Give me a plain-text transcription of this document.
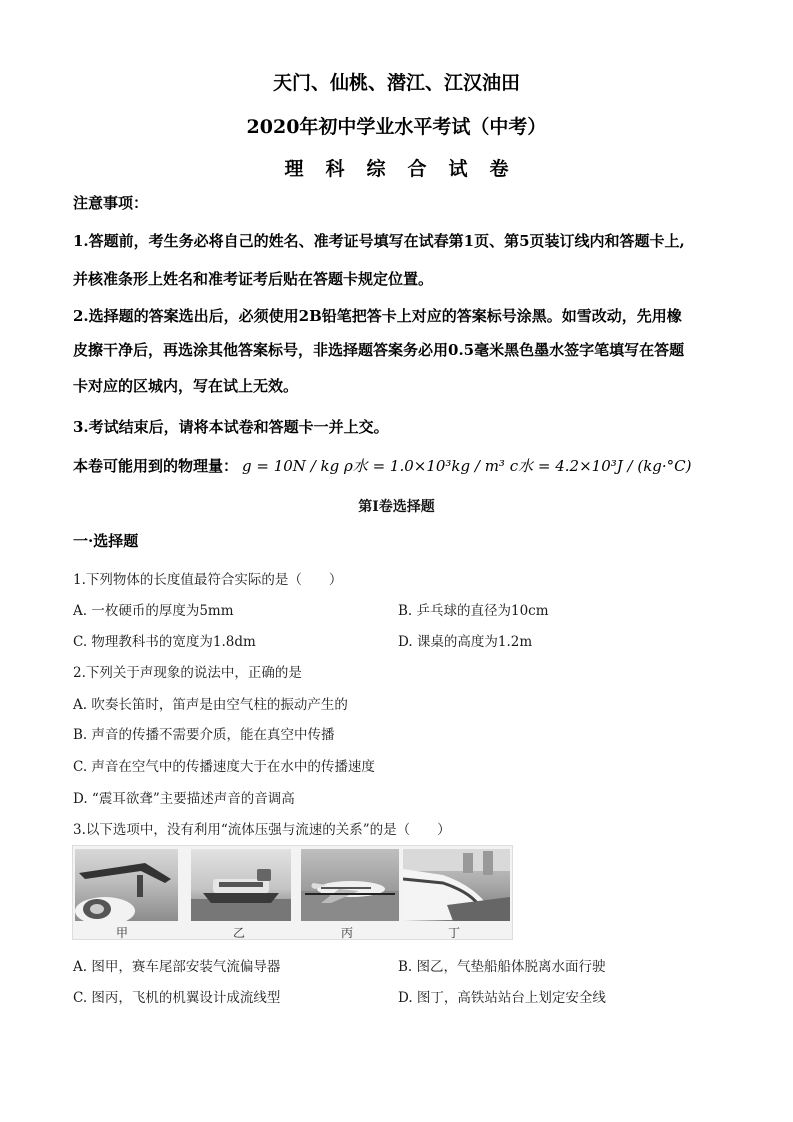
天门、仙桃、潜江、江汉油田
2020年初中学业水平考试（中考）
理科综合试卷
注意事项：
1.答题前，考生务必将自己的姓名、准考证号填写在试春第1页、第5页装订线内和答题卡上,
并核准条形上姓名和准考证考后贴在答题卡规定位置。
2.选择题的答案选出后，必须使用2B铅笔把答卡上对应的答案标号涂黑。如雪改动，先用橡
皮擦干净后，再选涂其他答案标号，非选择题答案务必用0.5毫米黑色墨水签字笔填写在答题
卡对应的区城内，写在试上无效。
3.考试结束后，请将本试卷和答题卡一并上交。
本卷可能用到的物理量： g = 10N / kg ρ水 = 1.0×10³kg / m³ c水 = 4.2×10³J / (kg·°C)
第Ⅰ卷选择题
一·选择题
1.下列物体的长度值最符合实际的是（　　）
A. 一枚硬币的厚度为5mm	B. 乒乓球的直径为10cm
C. 物理教科书的宽度为1.8dm	D. 课桌的高度为1.2m
2.下列关于声现象的说法中，正确的是
A. 吹奏长笛时，笛声是由空气柱的振动产生的
B. 声音的传播不需要介质，能在真空中传播
C. 声音在空气中的传播速度大于在水中的传播速度
D. “震耳欲聋”主要描述声音的音调高
3.以下选项中，没有利用“流体压强与流速的关系”的是（　　）
甲	乙	丙	丁
A. 图甲，赛车尾部安装气流偏导器	B. 图乙，气垫船船体脱离水面行驶
C. 图丙，飞机的机翼设计成流线型	D. 图丁，高铁站站台上划定安全线
